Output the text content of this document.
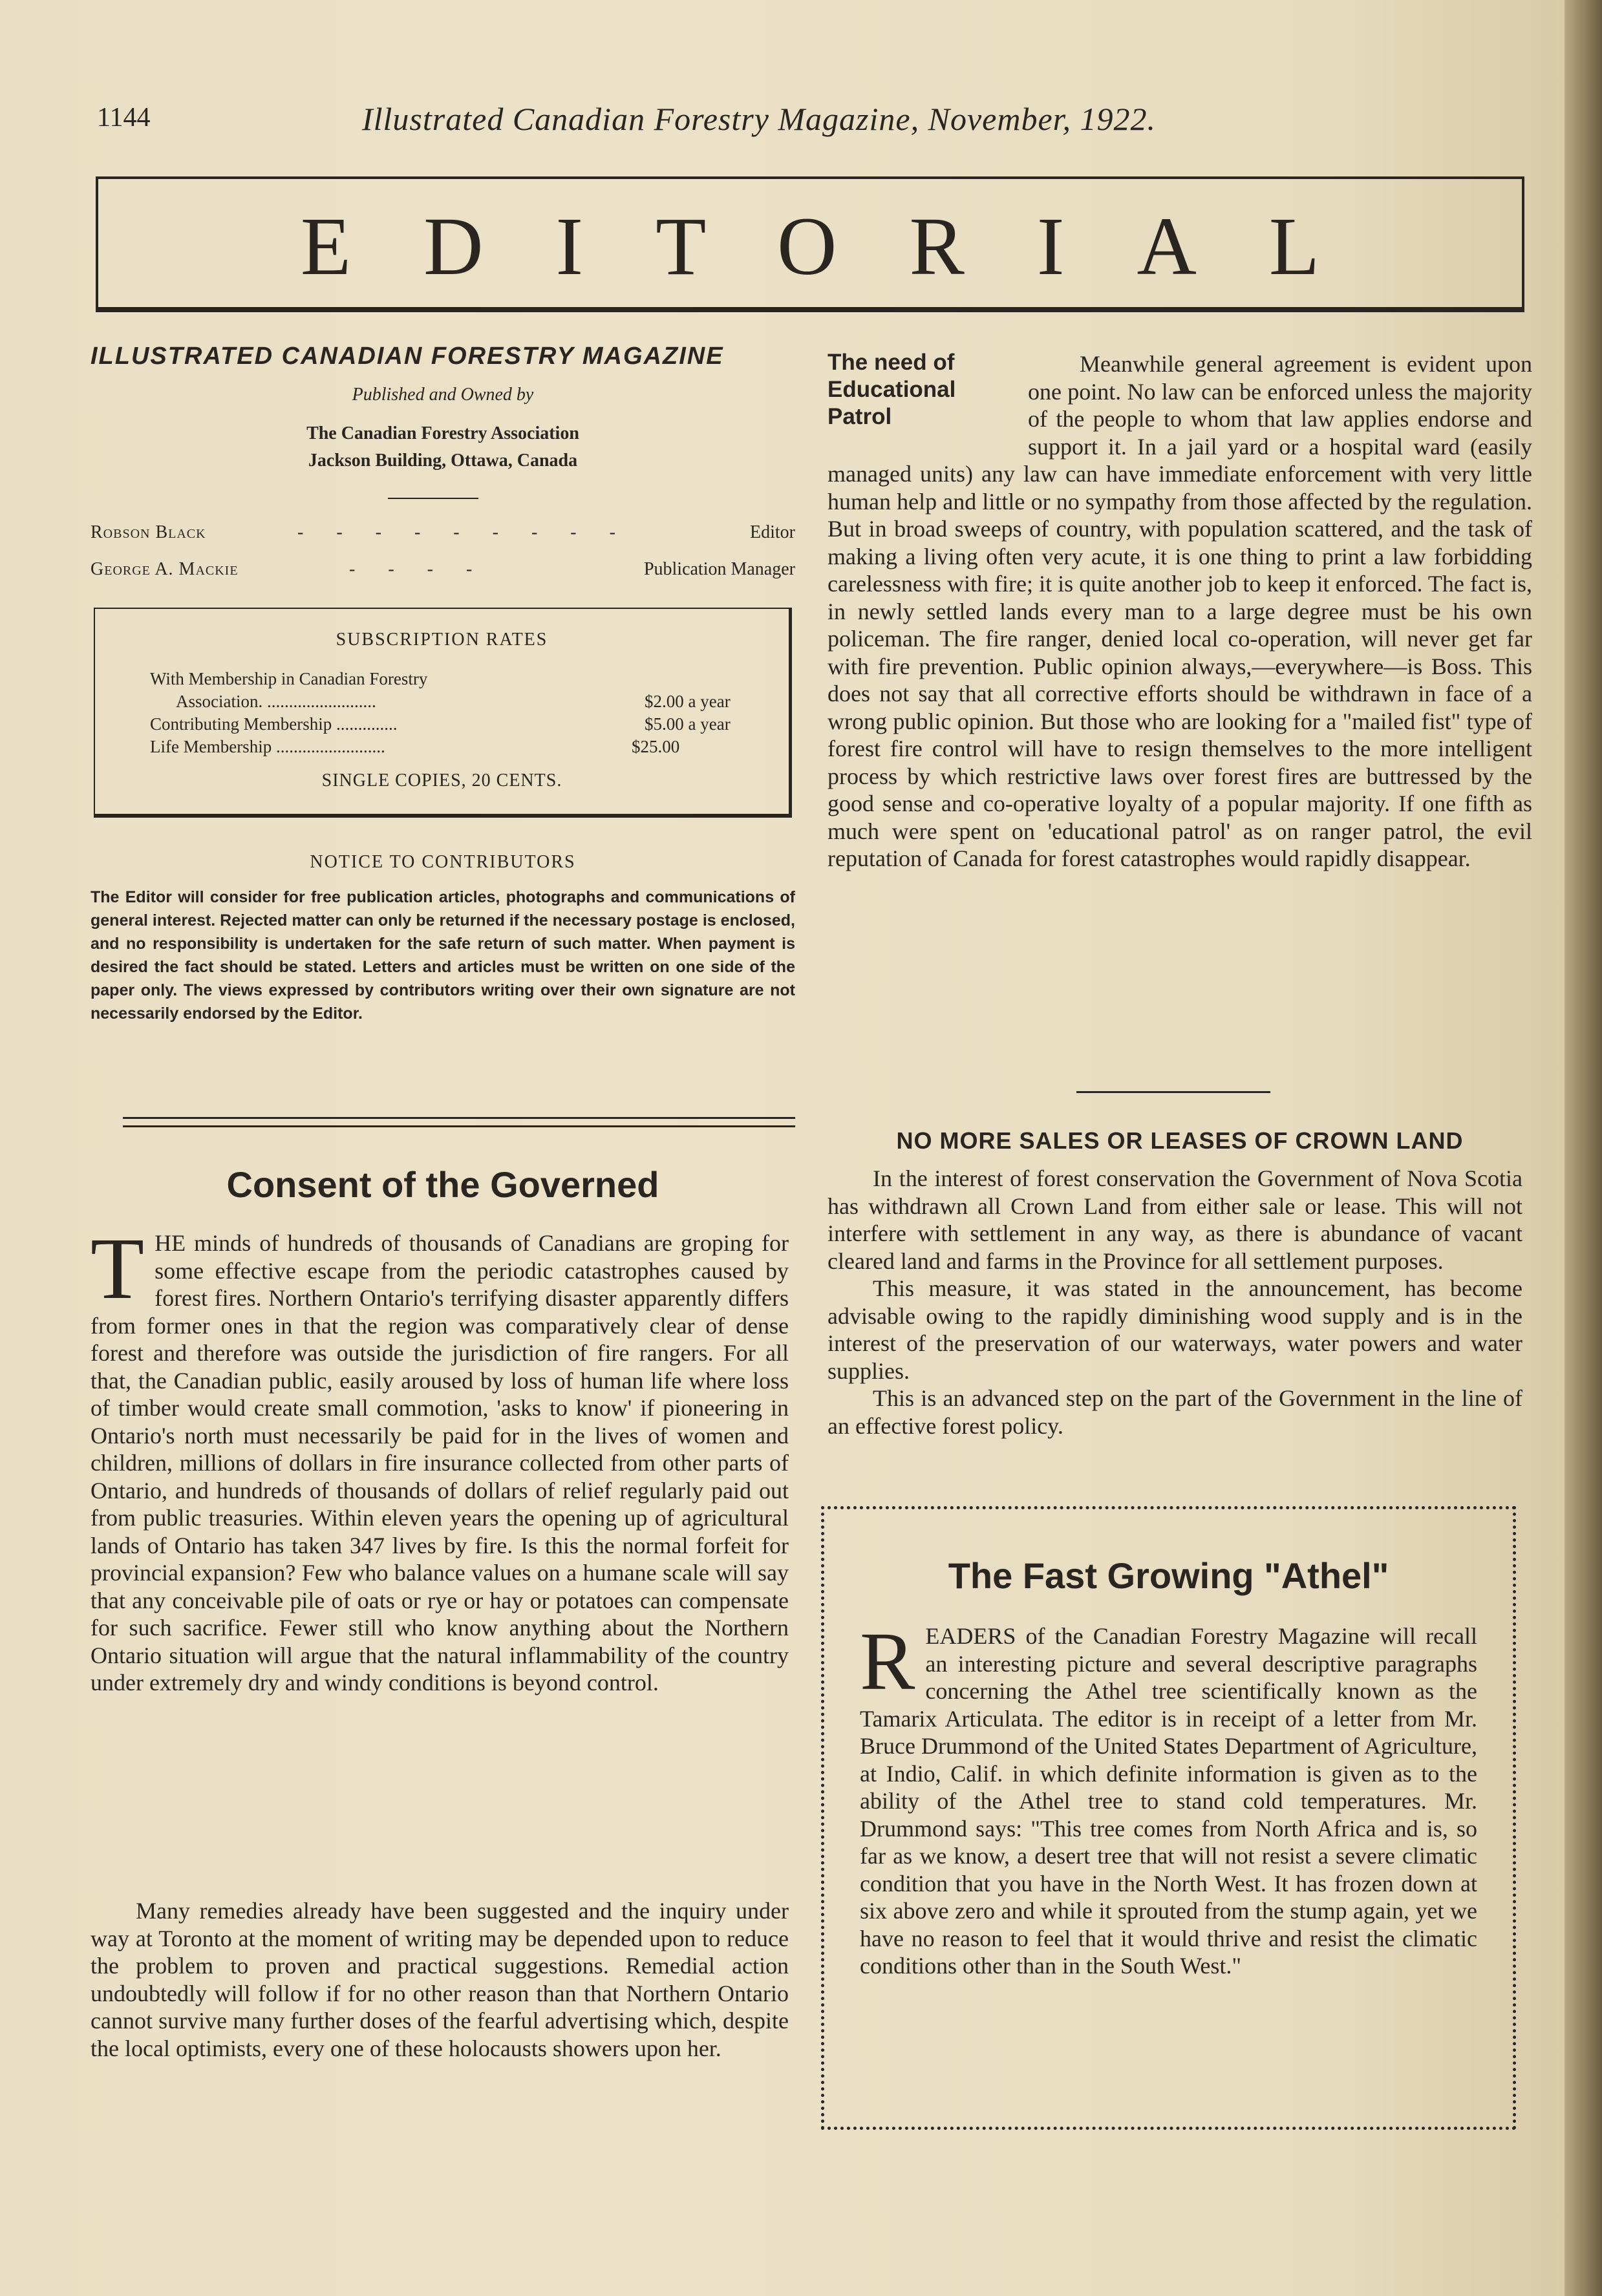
1144	Illustrated Canadian Forestry Magazine, November, 1922.
EDITORIAL
ILLUSTRATED CANADIAN FORESTRY MAGAZINE
Published and Owned by
The Canadian Forestry Association
Jackson Building, Ottawa, Canada
Robson Black	- - - - - - - - -	Editor
George A. Mackie	- - - -	Publication Manager
SUBSCRIPTION RATES
With Membership in Canadian Forestry
Association. .........................	$2.00 a year
Contributing Membership ..............	$5.00 a year
Life Membership .........................	$25.00
SINGLE COPIES, 20 CENTS.
NOTICE TO CONTRIBUTORS
The Editor will consider for free publication articles, photographs and communications of general interest. Rejected matter can only be returned if the necessary postage is enclosed, and no responsibility is undertaken for the safe return of such matter. When payment is desired the fact should be stated. Letters and articles must be written on one side of the paper only. The views expressed by contributors writing over their own signature are not necessarily endorsed by the Editor.
Consent of the Governed
THE minds of hundreds of thousands of Canadians are groping for some effective escape from the periodic catastrophes caused by forest fires. Northern Ontario's terrifying disaster apparently differs from former ones in that the region was comparatively clear of dense forest and therefore was outside the jurisdiction of fire rangers. For all that, the Canadian public, easily aroused by loss of human life where loss of timber would create small commotion, 'asks to know' if pioneering in Ontario's north must necessarily be paid for in the lives of women and children, millions of dollars in fire insurance collected from other parts of Ontario, and hundreds of thousands of dollars of relief regularly paid out from public treasuries. Within eleven years the opening up of agricultural lands of Ontario has taken 347 lives by fire. Is this the normal forfeit for provincial expansion? Few who balance values on a humane scale will say that any conceivable pile of oats or rye or hay or potatoes can compensate for such sacrifice. Fewer still who know anything about the Northern Ontario situation will argue that the natural inflammability of the country under extremely dry and windy conditions is beyond control.
Many remedies already have been suggested and the inquiry under way at Toronto at the moment of writing may be depended upon to reduce the problem to proven and practical suggestions. Remedial action undoubtedly will follow if for no other reason than that Northern Ontario cannot survive many further doses of the fearful advertising which, despite the local optimists, every one of these holocausts showers upon her.
Meanwhile general agreement is evident upon one point. No law can be enforced unless the majority of the people to whom that law applies endorse and support it. In a jail yard or a hospital ward (easily managed units) any law can have immediate enforcement with very little human help and little or no sympathy from those affected by the regulation. But in broad sweeps of country, with population scattered, and the task of making a living often very acute, it is one thing to print a law forbidding carelessness with fire; it is quite another job to keep it enforced. The fact is, in newly settled lands every man to a large degree must be his own policeman. The fire ranger, denied local co-operation, will never get far with fire prevention. Public opinion always,—everywhere—is Boss. This does not say that all corrective efforts should be withdrawn in face of a wrong public opinion. But those who are looking for a "mailed fist" type of forest fire control will have to resign themselves to the more intelligent process by which restrictive laws over forest fires are buttressed by the good sense and co-operative loyalty of a popular majority. If one fifth as much were spent on 'educational patrol' as on ranger patrol, the evil reputation of Canada for forest catastrophes would rapidly disappear.
The need of Educational Patrol
NO MORE SALES OR LEASES OF CROWN LAND

In the interest of forest conservation the Government of Nova Scotia has withdrawn all Crown Land from either sale or lease. This will not interfere with settlement in any way, as there is abundance of vacant cleared land and farms in the Province for all settlement purposes.

This measure, it was stated in the announcement, has become advisable owing to the rapidly diminishing wood supply and is in the interest of the preservation of our waterways, water powers and water supplies.

This is an advanced step on the part of the Government in the line of an effective forest policy.

The Fast Growing "Athel"
READERS of the Canadian Forestry Magazine will recall an interesting picture and several descriptive paragraphs concerning the Athel tree scientifically known as the Tamarix Articulata. The editor is in receipt of a letter from Mr. Bruce Drummond of the United States Department of Agriculture, at Indio, Calif. in which definite information is given as to the ability of the Athel tree to stand cold temperatures. Mr. Drummond says: "This tree comes from North Africa and is, so far as we know, a desert tree that will not resist a severe climatic condition that you have in the North West. It has frozen down at six above zero and while it sprouted from the stump again, yet we have no reason to feel that it would thrive and resist the climatic conditions other than in the South West."
